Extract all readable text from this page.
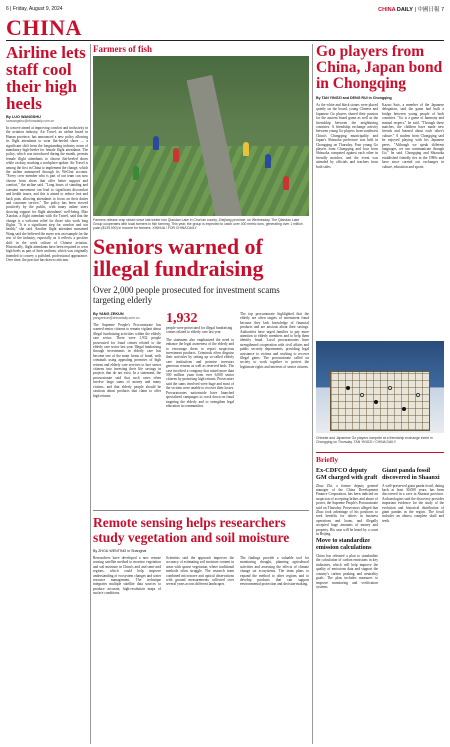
6 | Friday, August 9, 2024	CHINA DAILY | 中國日報 7
CHINA
Airline lets staff cool their high heels
By LUO WANGSHU
luowangshu@chinadaily.com.cn
In a move aimed at improving comfort and inclusivity in the aviation industry, Air Travel, an airline based in Hunan province, has announced a new policy allowing its flight attendants to wear flat-heeled shoes — a significant shift from the longstanding industry norm of mandatory high-heeler for female flight attendants. The policy, which was introduced during the month, permits female flight attendants to choose flat-heeled shoes while on duty, marking a workplace update. Air Travel is among the first in China to implement the change, which the airline announced through its WeChat account. "Every crew member who is part of our team can now choose from shoes that offer better support and comfort," the airline said. "Long hours of standing and constant movement can lead to significant discomfort and health issues, and this is aimed to reduce foot and back pain, allowing attendants to focus on their duties and customer service." The policy has been viewed positively by the public, with many online users showing support for flight attendants' well-being. Mao Xiaolan, a flight attendant with Air Travel, said that the change is a welcome relief for those who work long flights. "It is a significant step for comfort and our health," she said. Another flight attendant surnamed Wang said she believed the move sets an example for the rest of the industry, especially as it reflects a positive shift in the work culture of Chinese aviation. Historically, flight attendants have been required to wear high heels as part of their uniform, which was originally intended to convey a polished, professional appearance. Over time, the practice has drawn criticism.
Farmers of fish
Farmers release crap raised since last winter into Qiandao Lake in Chun'an county, Zhejiang province, on Wednesday. The Qiandao Lake Group cooperates with local farmers in fish farming. This year, the group is expected to catch over 400 metric tons, generating over 1 million yuan ($139,000) in income for farmers. XINHUA / FOR CHINA DAILY
Seniors warned of illegal fundraising
Over 2,000 people prosecuted for investment scams targeting elderly
By YANG ZEKUN
yangzekun@chinadaily.com.cn
The Supreme People's Procuratorate has warned senior citizens to remain vigilant about illegal fundraising activities within the elderly care sector. There were 1,932 people prosecuted for fraud crimes related to the elderly care sector last year. Illegal fundraising through investments in elderly care has become one of the main forms of fraud, with criminals using appealing promises of high returns and elderly care services to lure senior citizens into investing their life savings in projects that do not exist. In a statement, the procuratorate said that such cases often involve large sums of money and many victims, and that elderly people should be cautious about products that claim to offer high returns.
1,932
people were prosecuted for illegal fundraising crimes related to elderly care last year
The statement also emphasized the need to enhance the legal awareness of the elderly and to encourage them to report suspicious investment products. Criminals often disguise their activities by setting up so-called elderly care institutions and promise investors generous returns as well as reserved beds. The case involved a company that raised more than 500 million yuan from over 6,000 senior citizens by promising high returns. Prosecutors said the sums involved were huge and most of the victims were unable to recover their losses. Procuratorates nationwide have launched specialized campaigns to crack down on fraud targeting the elderly and to strengthen legal education in communities.
The top procuratorate highlighted that the elderly are often targets of investment fraud because they lack knowledge of financial products and are anxious about their savings. Authorities have urged families to pay more attention to elderly members and to help them identify fraud. Local procuratorates have strengthened cooperation with civil affairs and public security departments, providing legal assistance to victims and working to recover illegal gains. The procuratorate called on society to work together to protect the legitimate rights and interests of senior citizens.
Remote sensing helps researchers study vegetation and soil moisture
By ZHOU WENTING in Shanghai
Researchers have developed a new remote sensing satellite method to monitor vegetation and soil moisture in China's arid and semi-arid regions, which could help improve understanding of ecosystem changes and water resource management. The technique integrates multiple satellite data sources to produce accurate, high-resolution maps of surface conditions.
Scientists said the approach improves the accuracy of estimating soil moisture content in areas with sparse vegetation, where traditional methods often struggle. The research team combined microwave and optical observations with ground measurements collected over several years across different landscapes.
The findings provide a valuable tool for monitoring drought, planning agricultural activities and assessing the effects of climate change on ecosystems. The team plans to expand the method to other regions and to develop products that can support environmental protection and decision-making.
Go players from China, Japan bond in Chongqing
By TAN YINGZI and DENG RUI in Chongqing
As the white and black stones were placed quietly on the board, young Chinese and Japanese Go players shared their passion for the ancient board game as well as the friendship between the neighboring countries. A friendship exchange activity between young Go players from southwest China's Chongqing municipality and Japan's Shizuoka prefecture was held in Chongqing on Thursday. Four young Go players from Chongqing and four from Shizuoka competed against each other in friendly matches, and the event was attended by officials and teachers from both sides.
Kazuo Sato, a member of the Japanese delegation, said the game had built a bridge between young people of both countries. "Go is a game of harmony and mutual respect," he said. "Through these matches, the children have made new friends and learned about each other's culture." A student from Chongqing said he enjoyed playing with his Japanese peers. "Although we speak different languages, we can communicate through Go," he said. Chongqing and Shizuoka established friendly ties in the 1980s and have since carried out exchanges in culture, education and sports.
Chinese and Japanese Go players compete at a friendship exchange event in Chongqing on Thursday. TAN YINGZI / CHINA DAILY
Briefly
Ex-CDFCO deputy GM charged with graft
Zhao Zhi, a former deputy general manager of the China Development Finance Corporation, has been indicted on suspicion of accepting bribes and abuse of power, the Supreme People's Procuratorate said on Thursday. Prosecutors alleged that Zhao took advantage of his positions to seek benefits for others in business operations and loans, and illegally accepted huge amounts of money and property. His case will be heard by a court in Beijing.
Move to standardize emission calculations
China has released a plan to standardize the calculation of carbon emissions in key industries, which will help improve the quality of emissions data and support the country's carbon peaking and neutrality goals. The plan includes measures to improve monitoring and verification systems.
Giant panda fossil discovered in Shaanxi
A well-preserved giant panda fossil, dating back at least 30,000 years, has been discovered in a cave in Shaanxi province. Archaeologists said the discovery provides important evidence for the study of the evolution and historical distribution of giant pandas in the region. The fossil includes an almost complete skull and teeth.
